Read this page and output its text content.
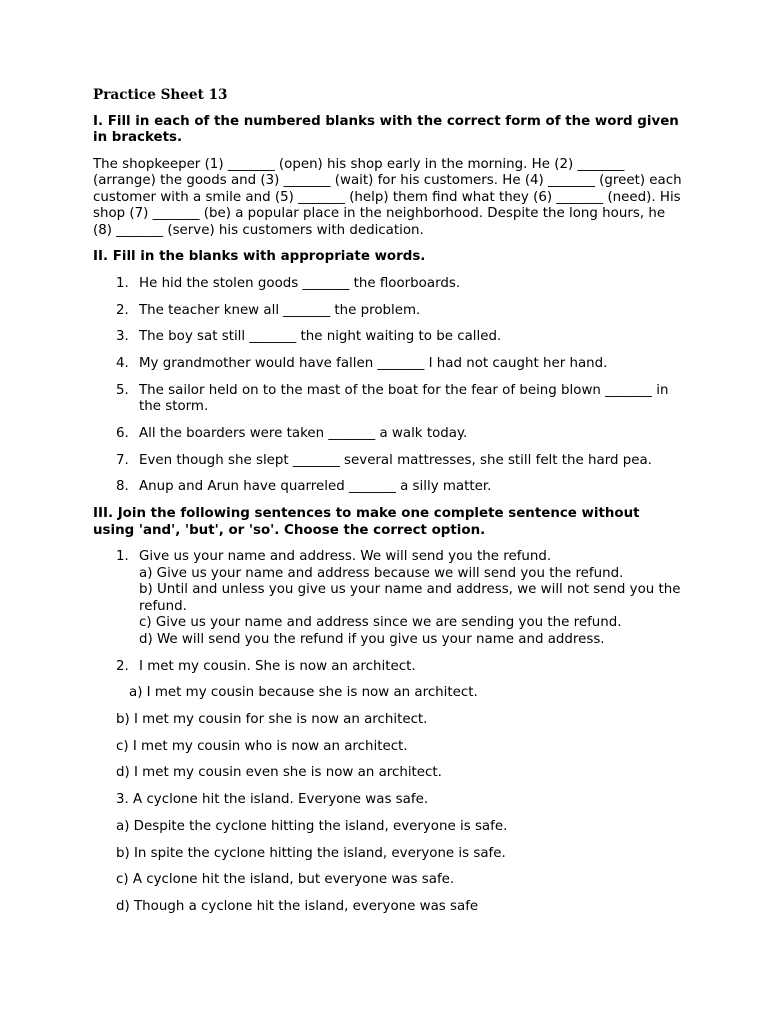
Practice Sheet 13
I. Fill in each of the numbered blanks with the correct form of the word given in brackets.
The shopkeeper (1) _______ (open) his shop early in the morning. He (2) _______ (arrange) the goods and (3) _______ (wait) for his customers. He (4) _______ (greet) each customer with a smile and (5) _______ (help) them find what they (6) _______ (need). His shop (7) _______ (be) a popular place in the neighborhood. Despite the long hours, he (8) _______ (serve) his customers with dedication.
II. Fill in the blanks with appropriate words.
1. He hid the stolen goods _______ the floorboards.
2. The teacher knew all _______ the problem.
3. The boy sat still _______ the night waiting to be called.
4. My grandmother would have fallen _______ I had not caught her hand.
5. The sailor held on to the mast of the boat for the fear of being blown _______ in the storm.
6. All the boarders were taken _______ a walk today.
7. Even though she slept _______ several mattresses, she still felt the hard pea.
8. Anup and Arun have quarreled _______ a silly matter.
III. Join the following sentences to make one complete sentence without using 'and', 'but', or 'so'. Choose the correct option.
1. Give us your name and address. We will send you the refund.
a) Give us your name and address because we will send you the refund.
b) Until and unless you give us your name and address, we will not send you the refund.
c) Give us your name and address since we are sending you the refund.
d) We will send you the refund if you give us your name and address.
2. I met my cousin. She is now an architect.
a) I met my cousin because she is now an architect.
b) I met my cousin for she is now an architect.
c) I met my cousin who is now an architect.
d) I met my cousin even she is now an architect.
3. A cyclone hit the island. Everyone was safe.
a) Despite the cyclone hitting the island, everyone is safe.
b) In spite the cyclone hitting the island, everyone is safe.
c) A cyclone hit the island, but everyone was safe.
d) Though a cyclone hit the island, everyone was safe
